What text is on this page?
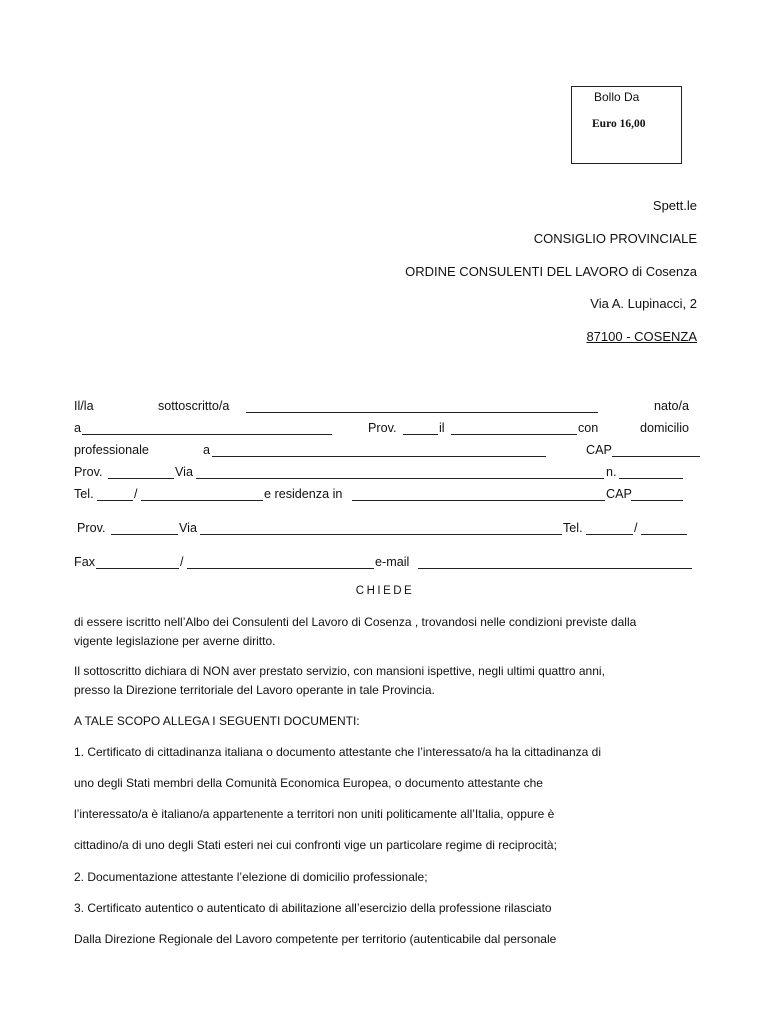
Bollo Da
Euro 16,00
Spett.le
CONSIGLIO PROVINCIALE
ORDINE CONSULENTI DEL LAVORO di Cosenza
Via A. Lupinacci, 2
87100 - COSENZA
Il/la	sottoscritto/a	nato/a
a	Prov.	il	con	domicilio
professionale	a	CAP
Prov.	Via	n.
Tel.	/	e residenza in	CAP
Prov.	Via	Tel.	/
Fax	/	e-mail
CHIEDE
di essere iscritto nell’Albo dei Consulenti del Lavoro di Cosenza , trovandosi nelle condizioni previste dalla
vigente legislazione per averne diritto.
Il sottoscritto dichiara di NON aver prestato servizio, con mansioni ispettive, negli ultimi quattro anni,
presso la Direzione territoriale del Lavoro operante in tale Provincia.
A TALE SCOPO ALLEGA I SEGUENTI DOCUMENTI:
1. Certificato di cittadinanza italiana o documento attestante che l’interessato/a ha la cittadinanza di
uno degli Stati membri della Comunità Economica Europea, o documento attestante che
l’interessato/a è italiano/a appartenente a territori non uniti politicamente all’Italia, oppure è
cittadino/a di uno degli Stati esteri nei cui confronti vige un particolare regime di reciprocità;
2. Documentazione attestante l’elezione di domicilio professionale;
3. Certificato autentico o autenticato di abilitazione all’esercizio della professione rilasciato
Dalla Direzione Regionale del Lavoro competente per territorio (autenticabile dal personale
